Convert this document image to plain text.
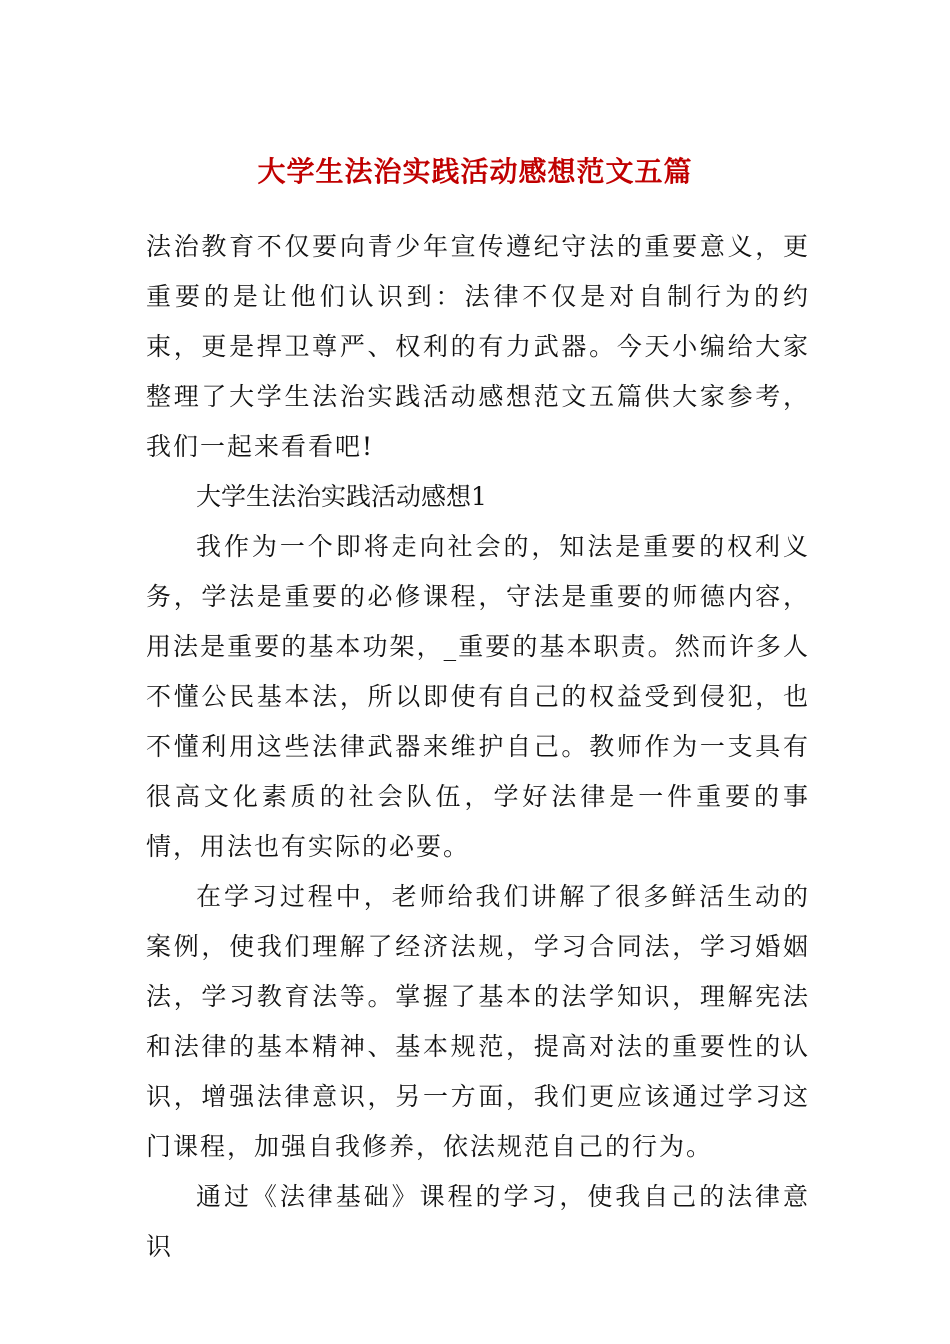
大学生法治实践活动感想范文五篇

法治教育不仅要向青少年宣传遵纪守法的重要意义，更重要的是让他们认识到：法律不仅是对自制行为的约束，更是捍卫尊严、权利的有力武器。今天小编给大家整理了大学生法治实践活动感想范文五篇供大家参考，我们一起来看看吧!

大学生法治实践活动感想1

我作为一个即将走向社会的，知法是重要的权利义务，学法是重要的必修课程，守法是重要的师德内容，用法是重要的基本功架，_重要的基本职责。然而许多人不懂公民基本法，所以即使有自己的权益受到侵犯，也不懂利用这些法律武器来维护自己。教师作为一支具有很高文化素质的社会队伍，学好法律是一件重要的事情，用法也有实际的必要。

在学习过程中，老师给我们讲解了很多鲜活生动的案例，使我们理解了经济法规，学习合同法，学习婚姻法，学习教育法等。掌握了基本的法学知识，理解宪法和法律的基本精神、基本规范，提高对法的重要性的认识，增强法律意识，另一方面，我们更应该通过学习这门课程，加强自我修养，依法规范自己的行为。

通过《法律基础》课程的学习，使我自己的法律意识
